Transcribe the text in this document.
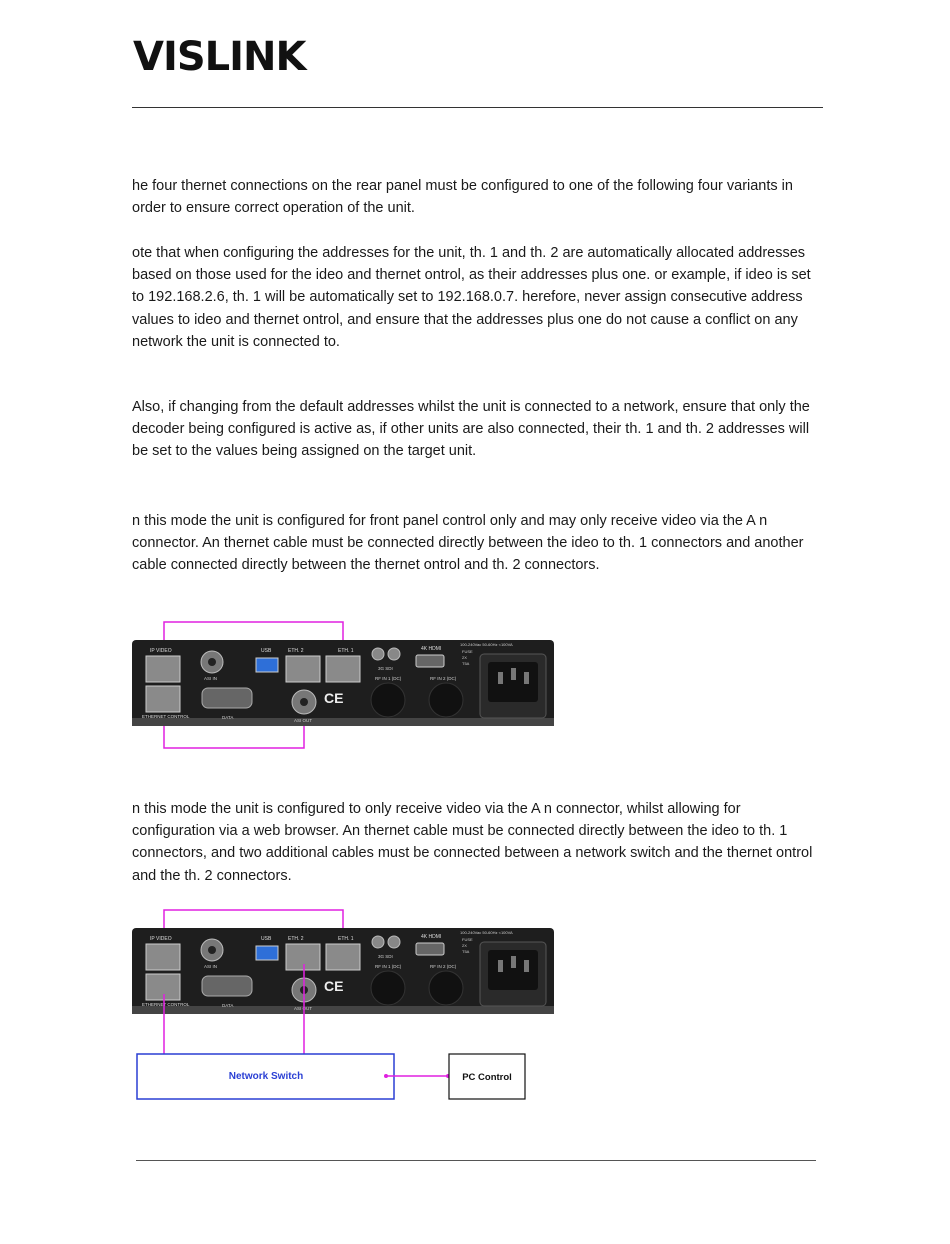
VISLINK

he four thernet connections on the rear panel must be configured to one of the following four variants in order to ensure correct operation of the unit.

ote that when configuring the addresses for the unit, th. 1 and th. 2 are automatically allocated addresses based on those used for the ideo and thernet ontrol, as their addresses plus one. or example, if ideo is set to 192.168.2.6, th. 1 will be automatically set to 192.168.0.7. herefore, never assign consecutive address values to ideo and thernet ontrol, and ensure that the addresses plus one do not cause a conflict on any network the unit is connected to.

Also, if changing from the default addresses whilst the unit is connected to a network, ensure that only the decoder being configured is active as, if other units are also connected, their th. 1 and th. 2 addresses will be set to the values being assigned on the target unit.

n this mode the unit is configured for front panel control only and may only receive video via the A n connector. An thernet cable must be connected directly between the ideo to th. 1 connectors and another cable connected directly between the thernet ontrol and th. 2 connectors.

IP VIDEO
ETHERNET CONTROL
ASI IN
DATA
USB	ETH. 2
ASI OUT
ETH. 1
CE
3G SDI
4K HDMI
RF IN 1 (DC)	RF IN 2 (DC)
100-240Vac 50-60Hz <100VA
FUSE
2X
T5A

n this mode the unit is configured to only receive video via the A n connector, whilst allowing for configuration via a web browser. An thernet cable must be connected directly between the ideo to th. 1 connectors, and two additional cables must be connected between a network switch and the thernet ontrol and the th. 2 connectors.

IP VIDEO
ETHERNET CONTROL
ASI IN
DATA
USB	ETH. 2
ASI OUT
ETH. 1
CE
3G SDI
4K HDMI
RF IN 1 (DC)	RF IN 2 (DC)
100-240Vac 50-60Hz <100VA
FUSE
2X
T5A
Network Switch	PC Control
